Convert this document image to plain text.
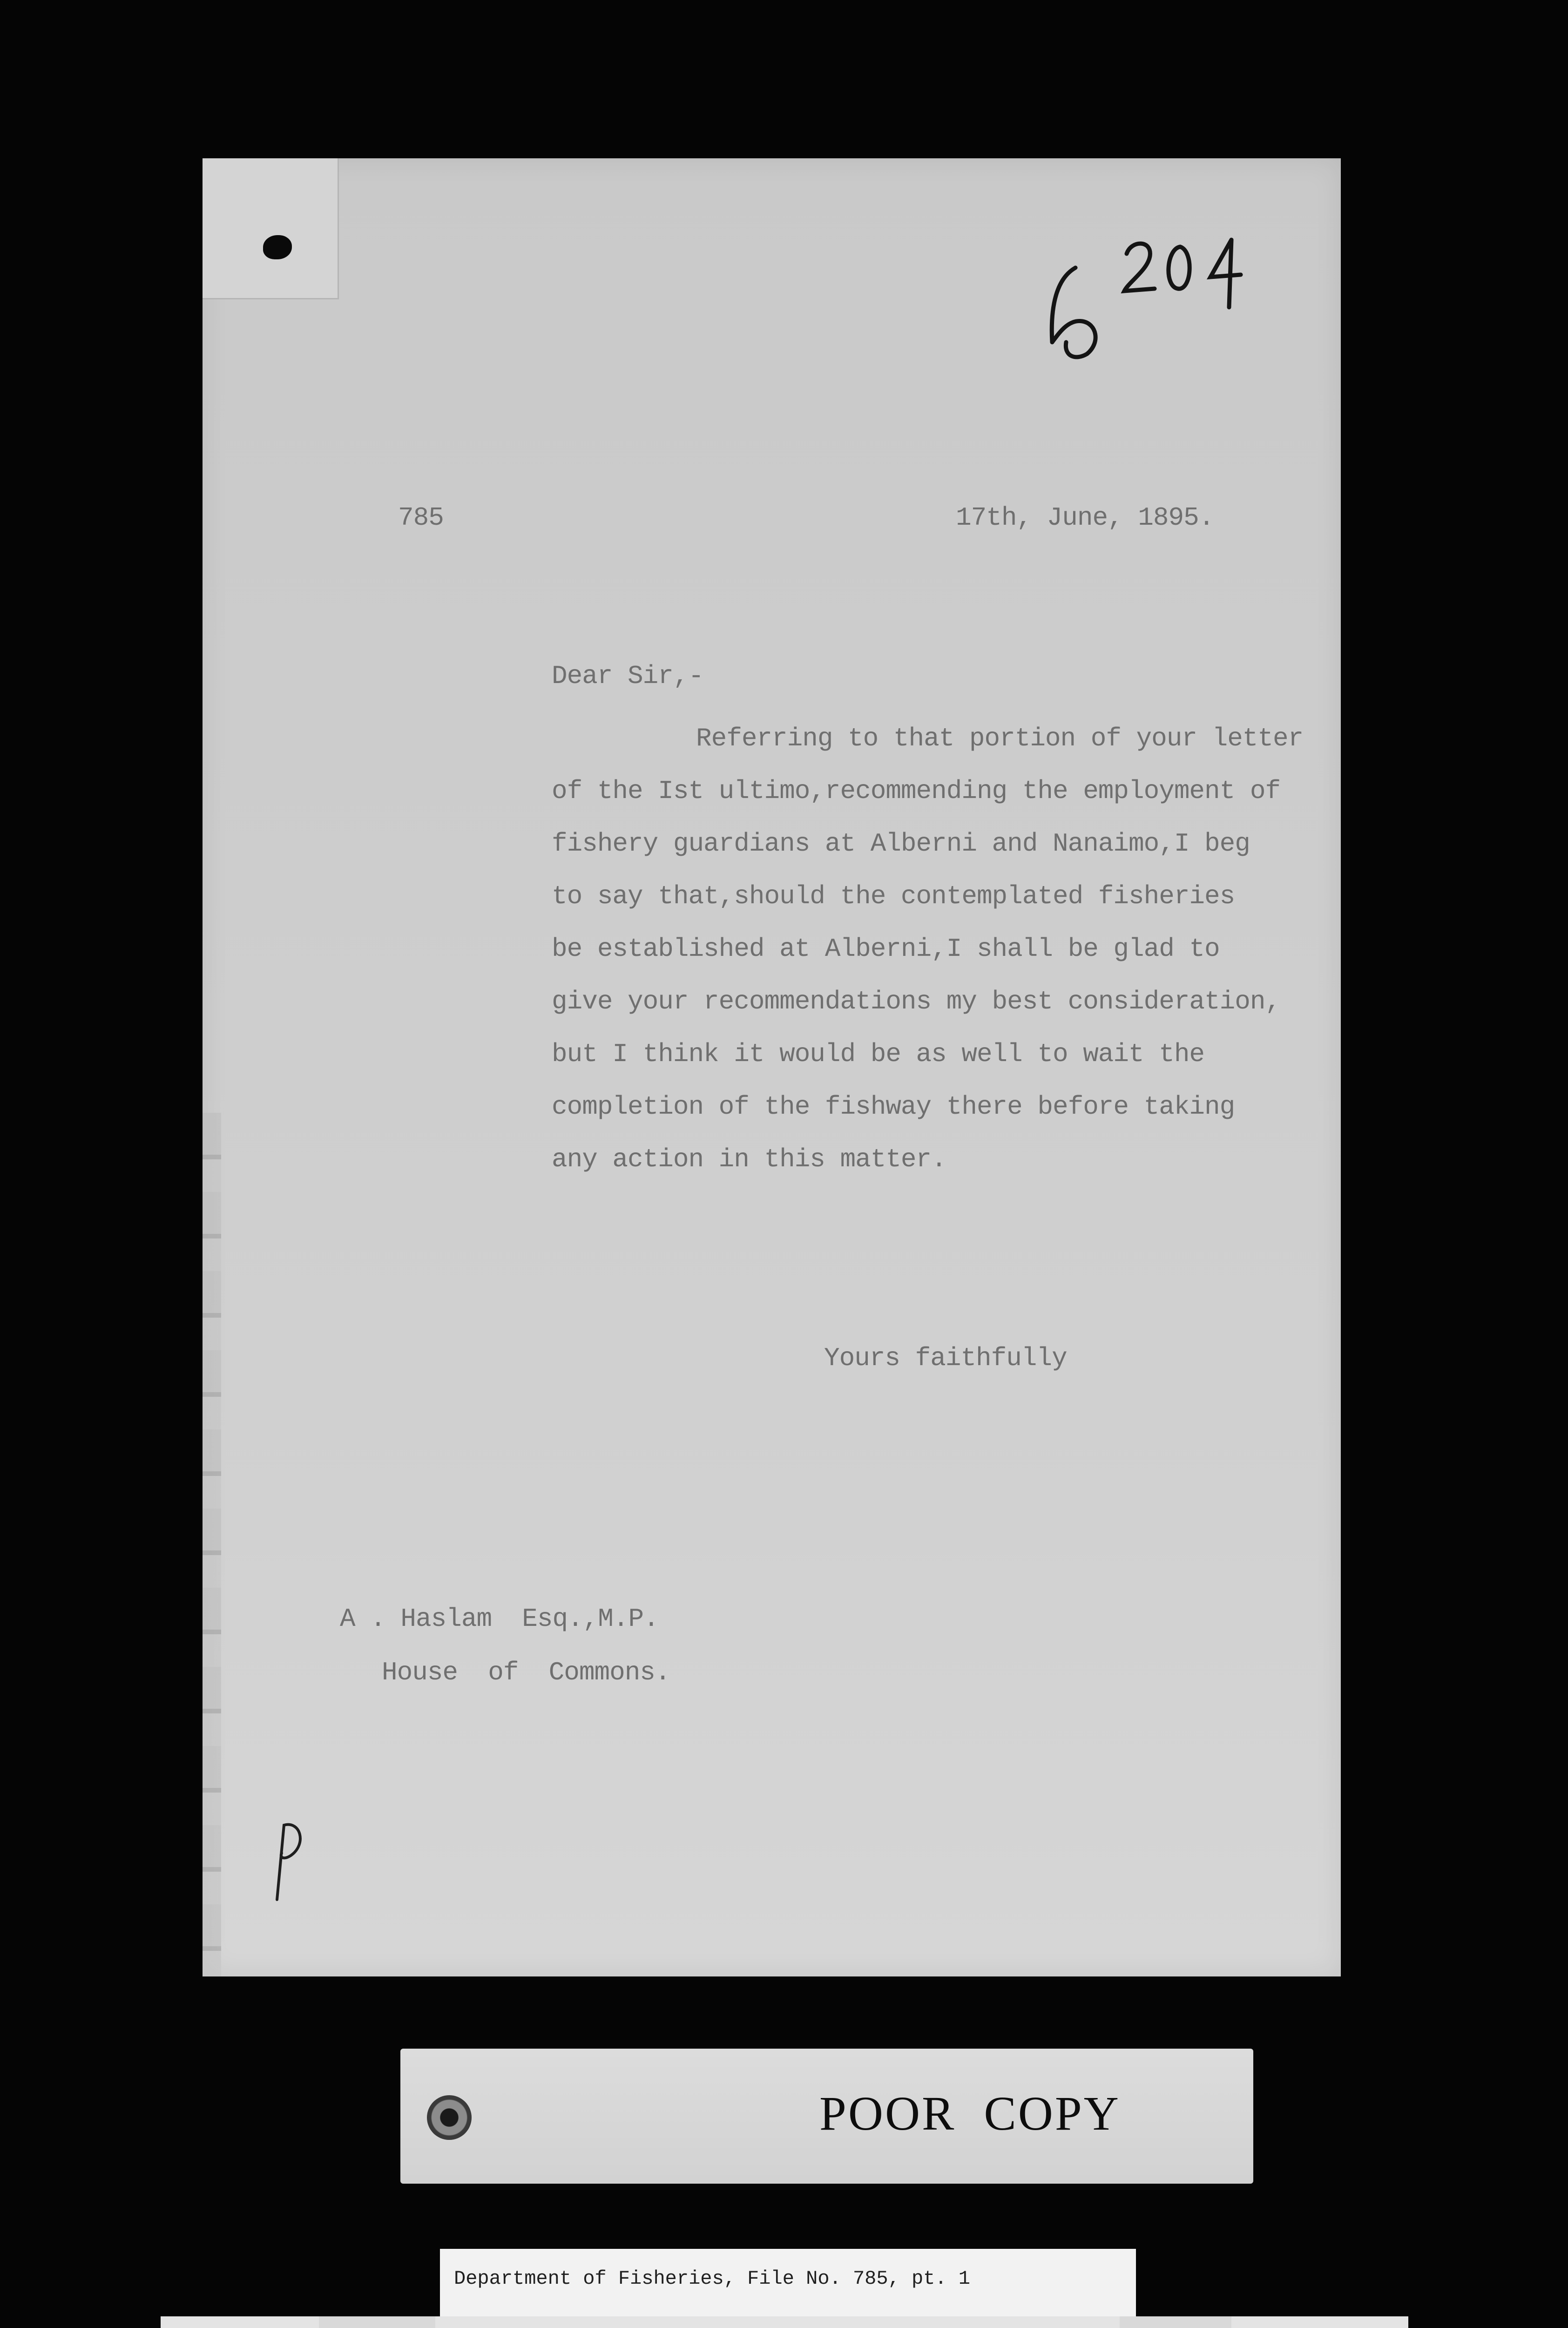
785	17th, June, 1895.
Dear Sir,-
Referring to that portion of your letter
of the Ist ultimo,recommending the employment of
fishery guardians at Alberni and Nanaimo,I beg
to say that,should the contemplated fisheries
be established at Alberni,I shall be glad to
give your recommendations my best consideration,
but I think it would be as well to wait the
completion of the fishway there before taking
any action in this matter.
Yours faithfully
A . Haslam  Esq.,M.P.
House  of  Commons.
POOR  COPY
Department of Fisheries, File No. 785, pt. 1
